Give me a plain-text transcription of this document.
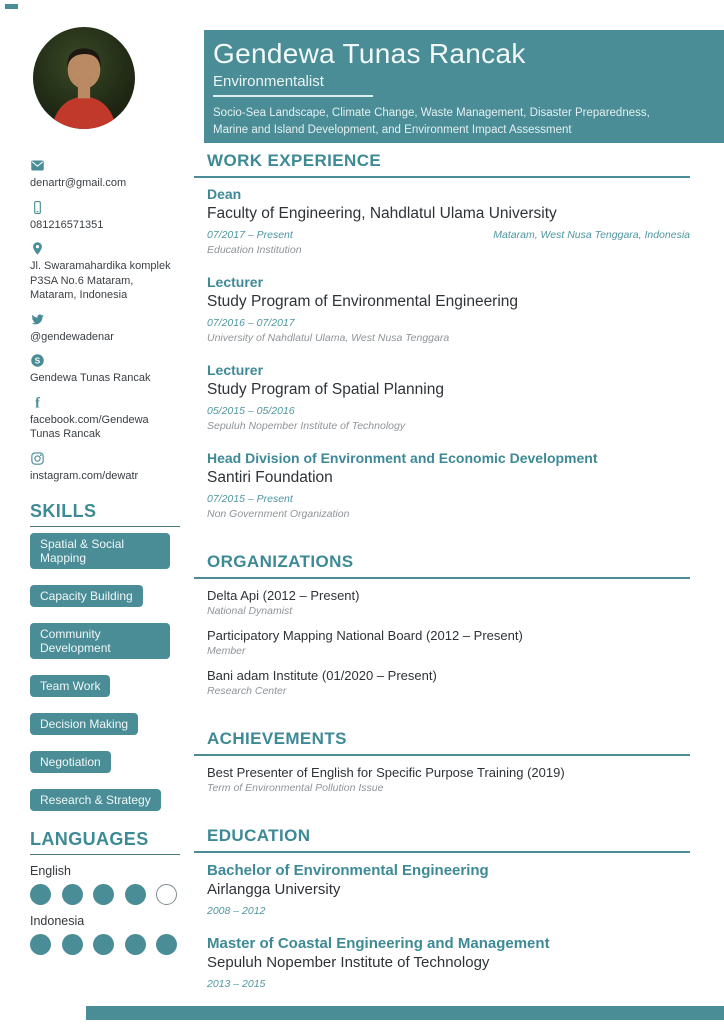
Gendewa Tunas Rancak
Environmentalist

Socio-Sea Landscape, Climate Change, Waste Management, Disaster Preparedness, Marine and Island Development, and Environment Impact Assessment

denartr@gmail.com
081216571351
Jl. Swaramahardika komplek P3SA No.6 Mataram, Mataram, Indonesia
@gendewadenar
S
Gendewa Tunas Rancak
f
facebook.com/Gendewa Tunas Rancak
instagram.com/dewatr
SKILLS
Spatial & Social Mapping
Capacity Building
Community Development
Team Work
Decision Making
Negotiation
Research & Strategy
LANGUAGES
English
Indonesia
WORK EXPERIENCE
Dean
Faculty of Engineering, Nahdlatul Ulama University
07/2017 – Present	Mataram, West Nusa Tenggara, Indonesia
Education Institution
Lecturer
Study Program of Environmental Engineering
07/2016 – 07/2017
University of Nahdlatul Ulama, West Nusa Tenggara
Lecturer
Study Program of Spatial Planning
05/2015 – 05/2016
Sepuluh Nopember Institute of Technology
Head Division of Environment and Economic Development
Santiri Foundation
07/2015 – Present
Non Government Organization
ORGANIZATIONS
Delta Api (2012 – Present)
National Dynamist
Participatory Mapping National Board (2012 – Present)
Member
Bani adam Institute (01/2020 – Present)
Research Center
ACHIEVEMENTS
Best Presenter of English for Specific Purpose Training (2019)
Term of Environmental Pollution Issue
EDUCATION
Bachelor of Environmental Engineering
Airlangga University
2008 – 2012
Master of Coastal Engineering and Management
Sepuluh Nopember Institute of Technology
2013 – 2015
